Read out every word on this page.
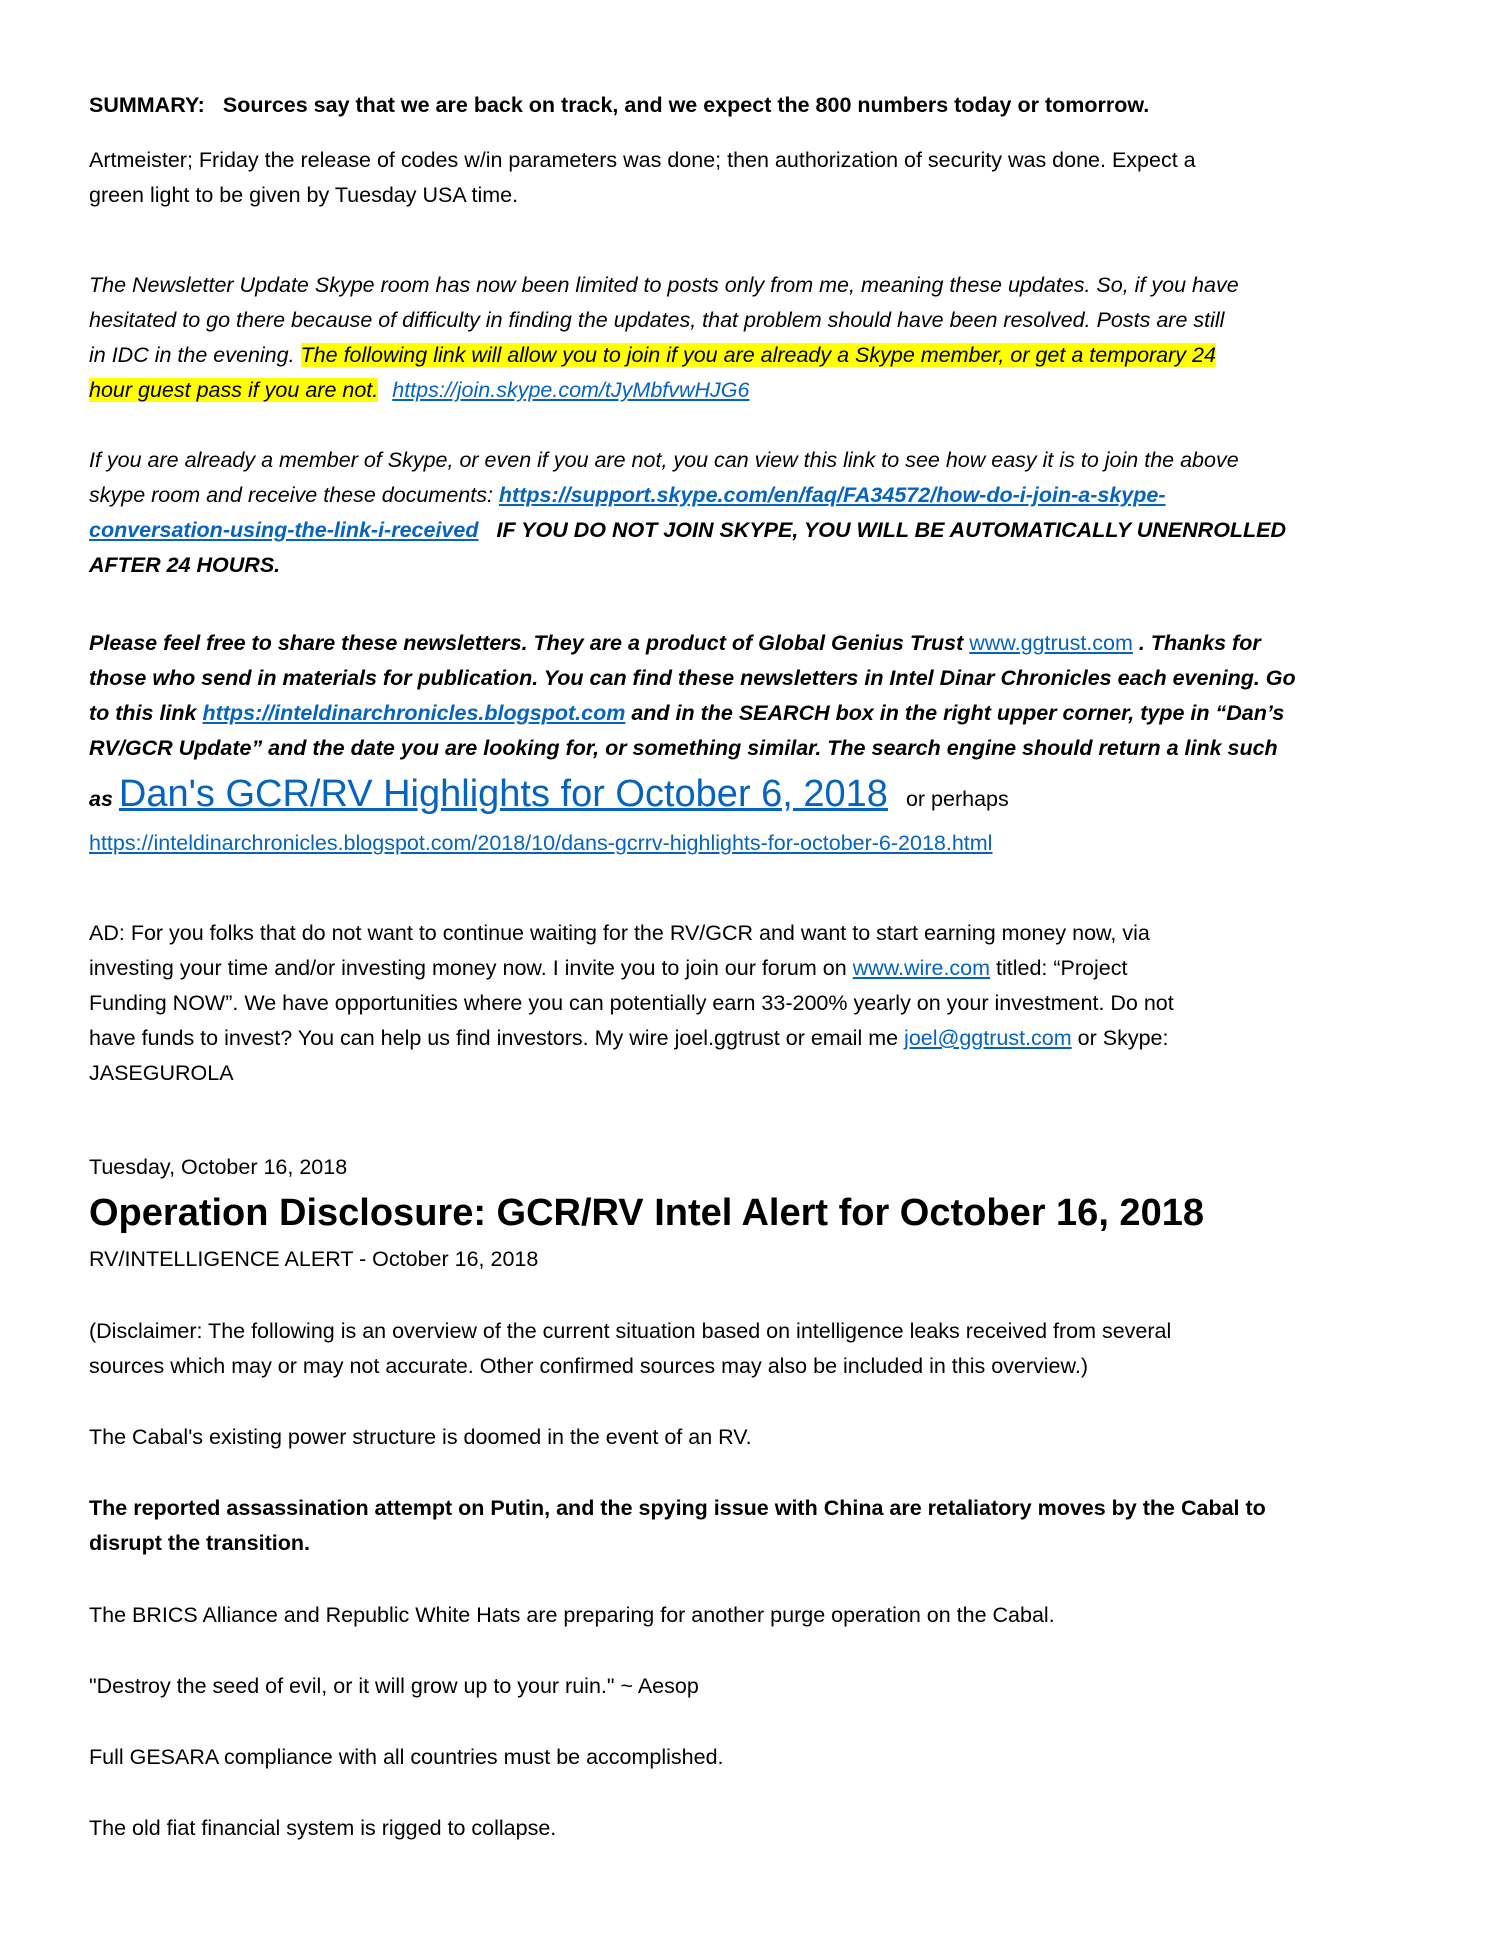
SUMMARY: Sources say that we are back on track, and we expect the 800 numbers today or tomorrow.
Artmeister; Friday the release of codes w/in parameters was done; then authorization of security was done. Expect a
green light to be given by Tuesday USA time.
The Newsletter Update Skype room has now been limited to posts only from me, meaning these updates. So, if you have
hesitated to go there because of difficulty in finding the updates, that problem should have been resolved. Posts are still
in IDC in the evening. The following link will allow you to join if you are already a Skype member, or get a temporary 24
hour guest pass if you are not. https://join.skype.com/tJyMbfvwHJG6
If you are already a member of Skype, or even if you are not, you can view this link to see how easy it is to join the above
skype room and receive these documents: https://support.skype.com/en/faq/FA34572/how-do-i-join-a-skype-
conversation-using-the-link-i-received IF YOU DO NOT JOIN SKYPE, YOU WILL BE AUTOMATICALLY UNENROLLED
AFTER 24 HOURS.
Please feel free to share these newsletters. They are a product of Global Genius Trust www.ggtrust.com . Thanks for
those who send in materials for publication. You can find these newsletters in Intel Dinar Chronicles each evening. Go
to this link https://inteldinarchronicles.blogspot.com and in the SEARCH box in the right upper corner, type in “Dan’s
RV/GCR Update” and the date you are looking for, or something similar. The search engine should return a link such
as Dan's GCR/RV Highlights for October 6, 2018 or perhaps
https://inteldinarchronicles.blogspot.com/2018/10/dans-gcrrv-highlights-for-october-6-2018.html
AD: For you folks that do not want to continue waiting for the RV/GCR and want to start earning money now, via
investing your time and/or investing money now. I invite you to join our forum on www.wire.com titled: “Project
Funding NOW”. We have opportunities where you can potentially earn 33-200% yearly on your investment. Do not
have funds to invest? You can help us find investors. My wire joel.ggtrust or email me joel@ggtrust.com or Skype:
JASEGUROLA
Tuesday, October 16, 2018
Operation Disclosure: GCR/RV Intel Alert for October 16, 2018
RV/INTELLIGENCE ALERT - October 16, 2018
(Disclaimer: The following is an overview of the current situation based on intelligence leaks received from several
sources which may or may not accurate. Other confirmed sources may also be included in this overview.)
The Cabal's existing power structure is doomed in the event of an RV.
The reported assassination attempt on Putin, and the spying issue with China are retaliatory moves by the Cabal to
disrupt the transition.
The BRICS Alliance and Republic White Hats are preparing for another purge operation on the Cabal.
"Destroy the seed of evil, or it will grow up to your ruin." ~ Aesop
Full GESARA compliance with all countries must be accomplished.
The old fiat financial system is rigged to collapse.
